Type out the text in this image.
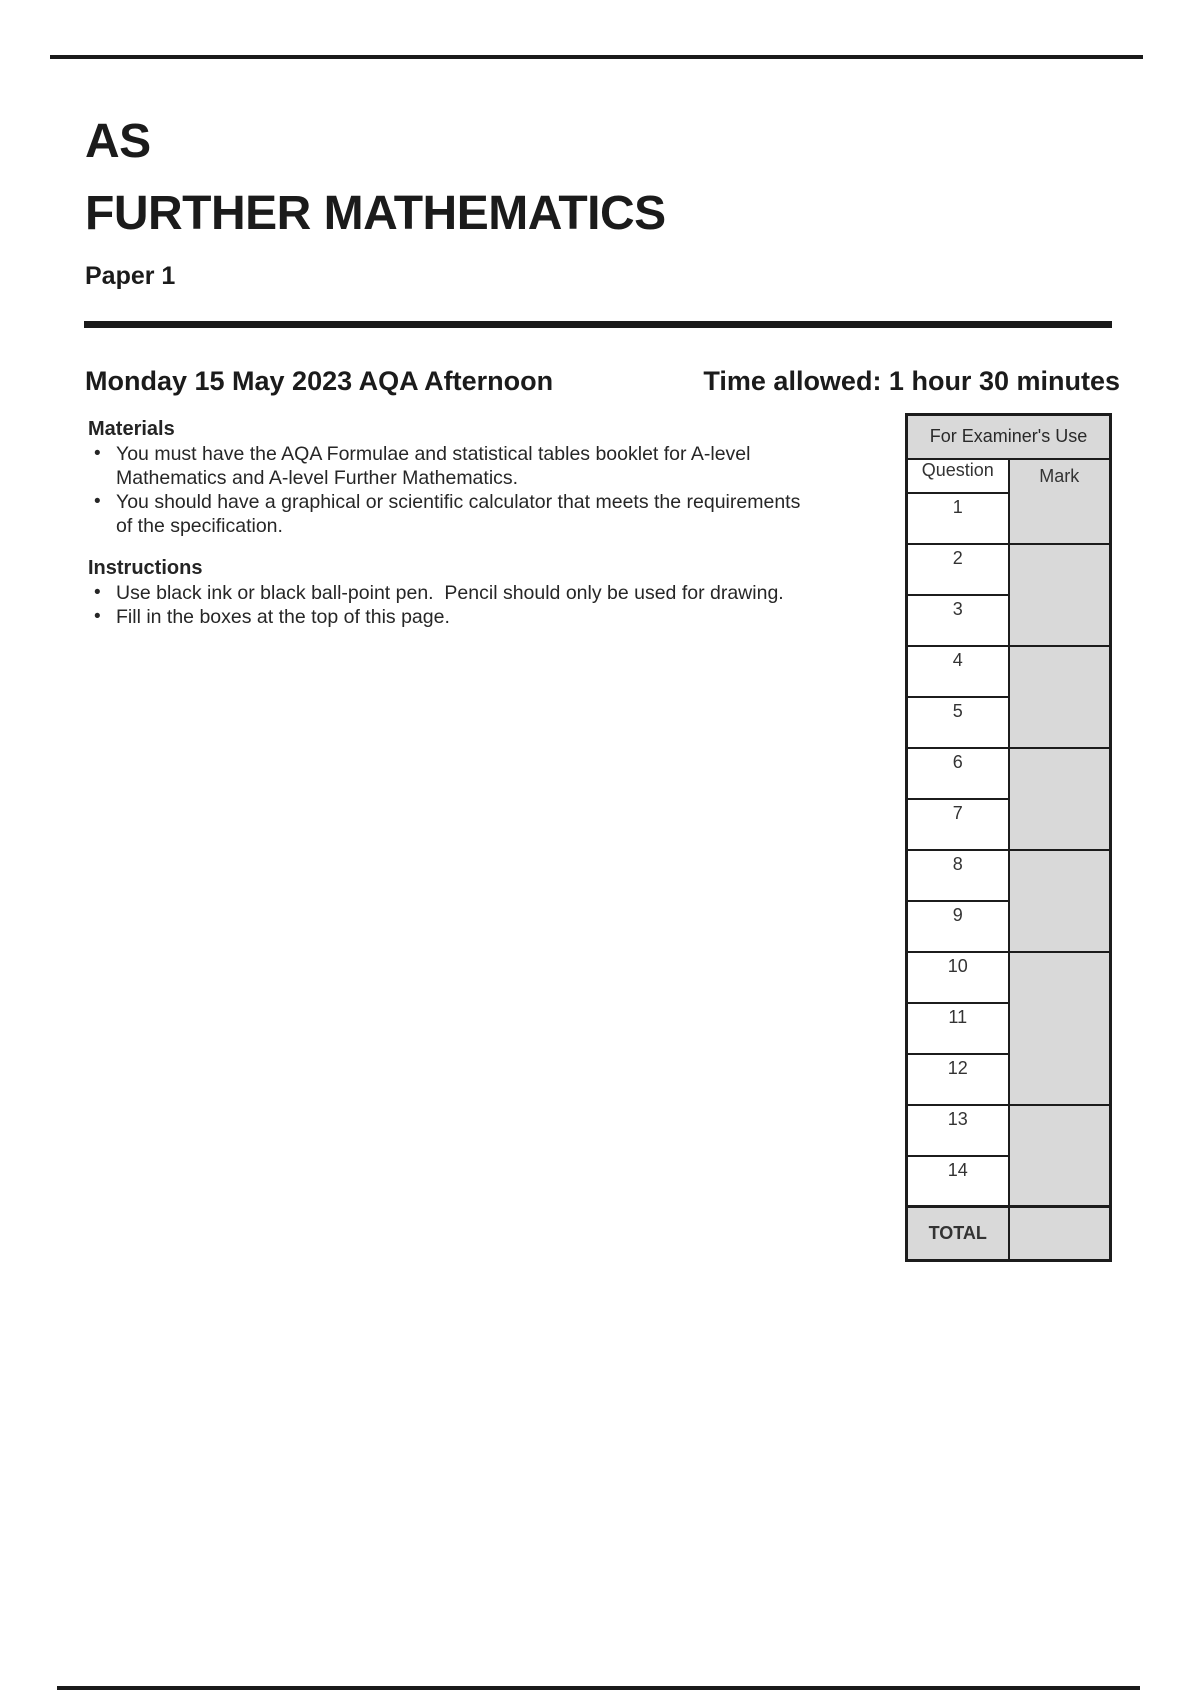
AS
FURTHER MATHEMATICS
Paper 1
Monday 15 May 2023 AQA Afternoon	Time allowed: 1 hour 30 minutes
Materials
• You must have the AQA Formulae and statistical tables booklet for A-level
Mathematics and A-level Further Mathematics.
• You should have a graphical or scientific calculator that meets the requirements
of the specification.
Instructions
• Use black ink or black ball-point pen.  Pencil should only be used for drawing.
• Fill in the boxes at the top of this page.
For Examiner's Use	
Question	Mark
1	
2	
3	
4	
5	
6	
7	
8	
9	
10	
11	
12	
13	
14	
TOTAL	
